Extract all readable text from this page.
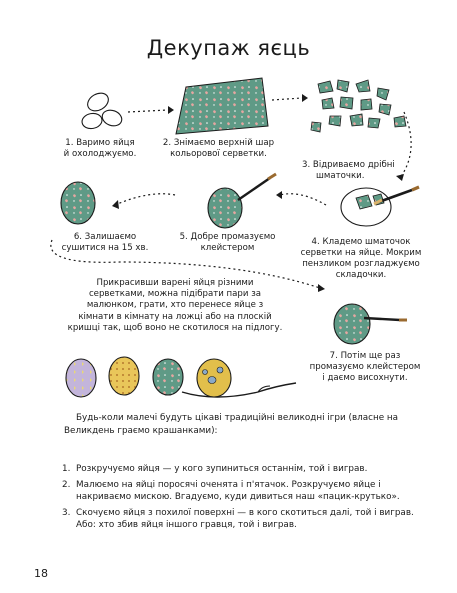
Декупаж яєць
1. Варимо яйця
й охолоджуємо.
2. Знімаємо верхній шар
кольорової серветки.
3. Відриваємо дрібні
шматочки.
4. Кладемо шматочок
серветки на яйце. Мокрим
пензликом розгладжуємо
складочки.
5. Добре промазуємо
клейстером
6. Залишаємо
сушитися на 15 хв.
7. Потім ще раз
промазуємо клейстером
і даємо висохнути.
Прикрасивши варені яйця різними
серветками, можна підібрати пари за
малюнком, грати, хто перенесе яйце з
кімнати в кімнату на ложці або на плоскій
кришці так, щоб воно не скотилося на підлогу.
Будь-коли малечі будуть цікаві традиційні великодні ігри (власне на Великдень граємо крашанками):
1. Розкручуємо яйця — у кого зупиниться останнім, той і виграв.
2. Малюємо на яйці поросячі оченята і п'ятачок. Розкручуємо яйце і накриваємо мискою. Вгадуємо, куди дивиться наш «пацик-крутько».
3. Скочуємо яйця з похилої поверхні — в кого скотиться далі, той і виграв. Або: хто збив яйця іншого гравця, той і виграв.
18
